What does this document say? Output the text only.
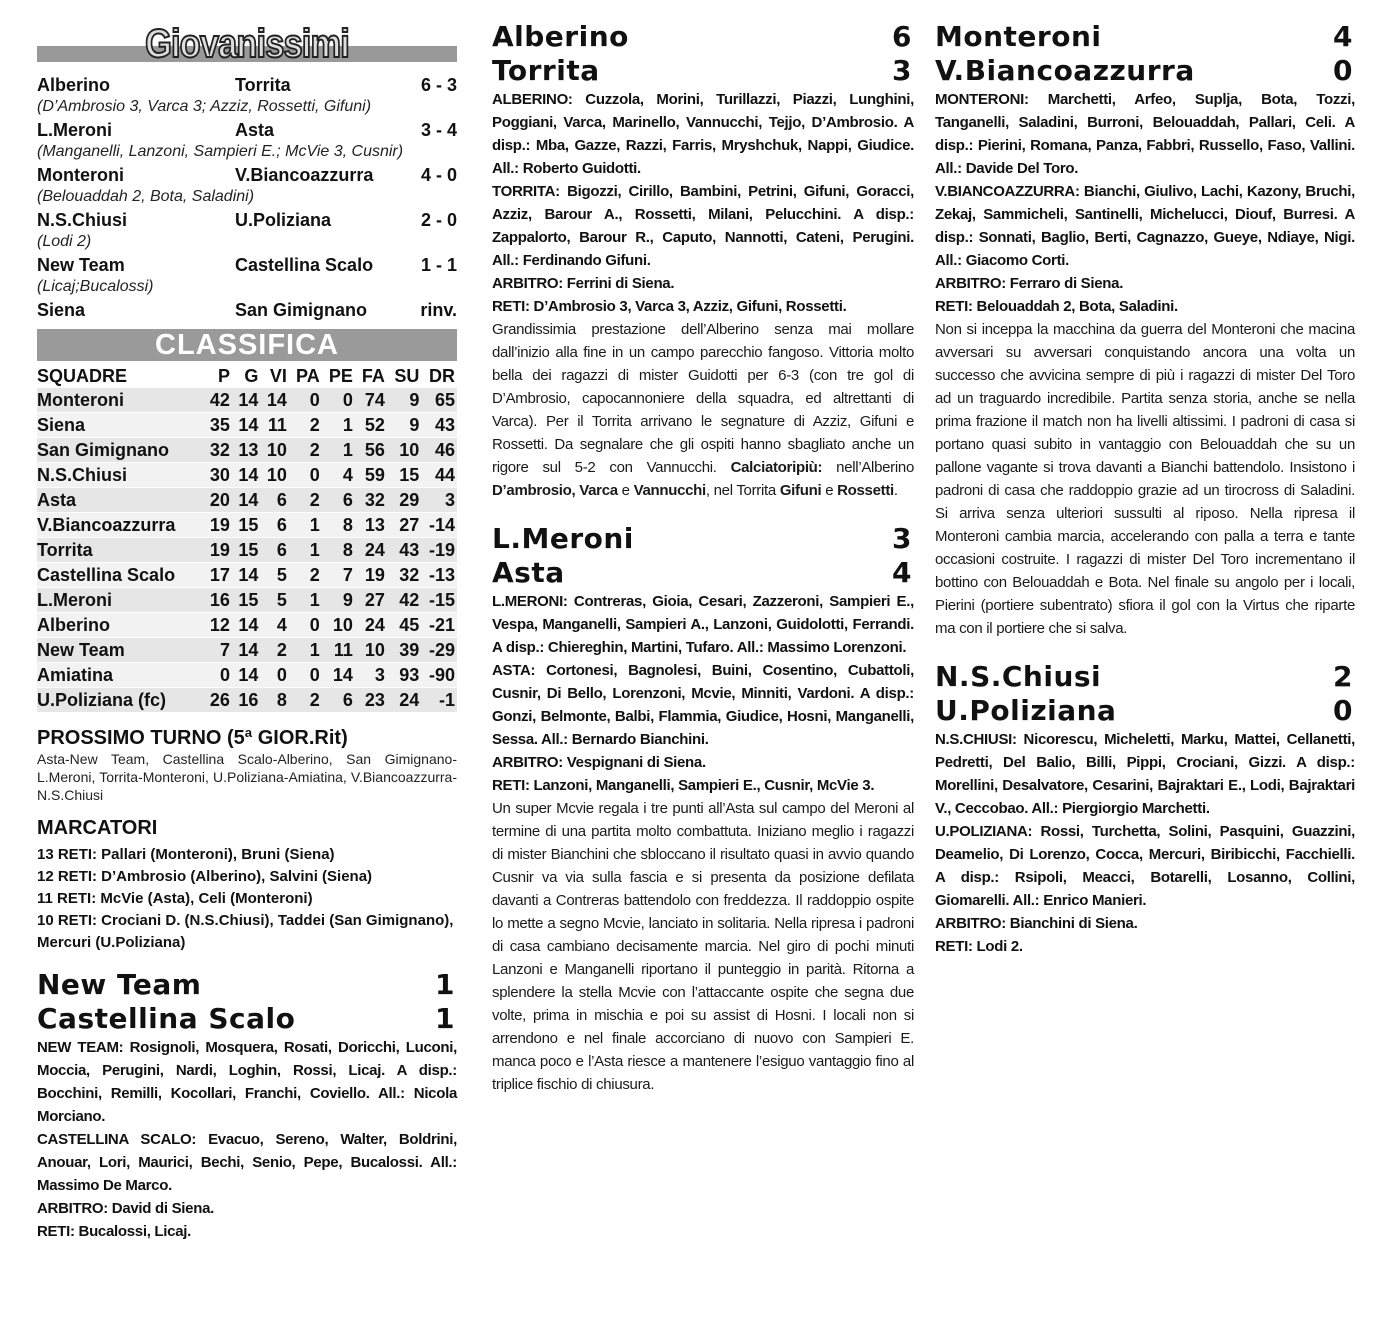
Giovanissimi
Alberino	Torrita	6 - 3
(D’Ambrosio 3, Varca 3; Azziz, Rossetti, Gifuni)
L.Meroni	Asta	3 - 4
(Manganelli, Lanzoni, Sampieri E.; McVie 3, Cusnir)
Monteroni	V.Biancoazzurra	4 - 0
(Belouaddah 2, Bota, Saladini)
N.S.Chiusi	U.Poliziana	2 - 0
(Lodi 2)
New Team	Castellina Scalo	1 - 1
(Licaj;Bucalossi)
Siena	San Gimignano	rinv.
CLASSIFICA
SQUADRE	P	G	VI	PA	PE	FA	SU	DR
Monteroni	42	14	14	0	0	74	9	65
Siena	35	14	11	2	1	52	9	43
San Gimignano	32	13	10	2	1	56	10	46
N.S.Chiusi	30	14	10	0	4	59	15	44
Asta	20	14	6	2	6	32	29	3
V.Biancoazzurra	19	15	6	1	8	13	27	-14
Torrita	19	15	6	1	8	24	43	-19
Castellina Scalo	17	14	5	2	7	19	32	-13
L.Meroni	16	15	5	1	9	27	42	-15
Alberino	12	14	4	0	10	24	45	-21
New Team	7	14	2	1	11	10	39	-29
Amiatina	0	14	0	0	14	3	93	-90
U.Poliziana (fc)	26	16	8	2	6	23	24	-1
PROSSIMO TURNO (5ª GIOR.Rit)
Asta-New Team, Castellina Scalo-Alberino, San Gimignano-L.Meroni, Torrita-Monteroni, U.Poliziana-Amiatina, V.Biancoazzurra-N.S.Chiusi
MARCATORI

13 RETI: Pallari (Monteroni), Bruni (Siena)

12 RETI: D’Ambrosio (Alberino), Salvini (Siena)

11 RETI: McVie (Asta), Celi (Monteroni)

10 RETI: Crociani D. (N.S.Chiusi), Taddei (San Gimignano), Mercuri (U.Poliziana)

New Team	1
Castellina Scalo	1
NEW TEAM: Rosignoli, Mosquera, Rosati, Doricchi, Luconi, Moccia, Perugini, Nardi, Loghin, Rossi, Licaj. A disp.: Bocchini, Remilli, Kocollari, Franchi, Coviello. All.: Nicola Morciano.
CASTELLINA SCALO: Evacuo, Sereno, Walter, Boldrini, Anouar, Lori, Maurici, Bechi, Senio, Pepe, Bucalossi. All.: Massimo De Marco.
ARBITRO: David di Siena.
RETI: Bucalossi, Licaj.
Alberino	6
Torrita	3
ALBERINO: Cuzzola, Morini, Turillazzi, Piazzi, Lunghini, Poggiani, Varca, Marinello, Vannucchi, Tejjo, D’Ambrosio. A disp.: Mba, Gazze, Razzi, Farris, Mryshchuk, Nappi, Giudice. All.: Roberto Guidotti.
TORRITA: Bigozzi, Cirillo, Bambini, Petrini, Gifuni, Goracci, Azziz, Barour A., Rossetti, Milani, Pelucchini. A disp.: Zappalorto, Barour R., Caputo, Nannotti, Cateni, Perugini. All.: Ferdinando Gifuni.
ARBITRO: Ferrini di Siena.
RETI: D’Ambrosio 3, Varca 3, Azziz, Gifuni, Rossetti.
Grandissimia prestazione dell’Alberino senza mai mollare dall’inizio alla fine in un campo parecchio fangoso. Vittoria molto bella dei ragazzi di mister Guidotti per 6-3 (con tre gol di D’Ambrosio, capocannoniere della squadra, ed altrettanti di Varca). Per il Torrita arrivano le segnature di Azziz, Gifuni e Rossetti. Da segnalare che gli ospiti hanno sbagliato anche un rigore sul 5-2 con Vannucchi. Calciatoripiù: nell’Alberino D’ambrosio, Varca e Vannucchi, nel Torrita Gifuni e Rossetti.
L.Meroni	3
Asta	4
L.MERONI: Contreras, Gioia, Cesari, Zazzeroni, Sampieri E., Vespa, Manganelli, Sampieri A., Lanzoni, Guidolotti, Ferrandi. A disp.: Chiereghin, Martini, Tufaro. All.: Massimo Lorenzoni.
ASTA: Cortonesi, Bagnolesi, Buini, Cosentino, Cubattoli, Cusnir, Di Bello, Lorenzoni, Mcvie, Minniti, Vardoni. A disp.: Gonzi, Belmonte, Balbi, Flammia, Giudice, Hosni, Manganelli, Sessa. All.: Bernardo Bianchini.
ARBITRO: Vespignani di Siena.
RETI: Lanzoni, Manganelli, Sampieri E., Cusnir, McVie 3.
Un super Mcvie regala i tre punti all’Asta sul campo del Meroni al termine di una partita molto combattuta. Iniziano meglio i ragazzi di mister Bianchini che sbloccano il risultato quasi in avvio quando Cusnir va via sulla fascia e si presenta da posizione defilata davanti a Contreras battendolo con freddezza. Il raddoppio ospite lo mette a segno Mcvie, lanciato in solitaria. Nella ripresa i padroni di casa cambiano decisamente marcia. Nel giro di pochi minuti Lanzoni e Manganelli riportano il punteggio in parità. Ritorna a splendere la stella Mcvie con l’attaccante ospite che segna due volte, prima in mischia e poi su assist di Hosni. I locali non si arrendono e nel finale accorciano di nuovo con Sampieri E. manca poco e l’Asta riesce a mantenere l’esiguo vantaggio fino al triplice fischio di chiusura.
Monteroni	4
V.Biancoazzurra	0
MONTERONI: Marchetti, Arfeo, Suplja, Bota, Tozzi, Tanganelli, Saladini, Burroni, Belouaddah, Pallari, Celi. A disp.: Pierini, Romana, Panza, Fabbri, Russello, Faso, Vallini. All.: Davide Del Toro.
V.BIANCOAZZURRA: Bianchi, Giulivo, Lachi, Kazony, Bruchi, Zekaj, Sammicheli, Santinelli, Michelucci, Diouf, Burresi. A disp.: Sonnati, Baglio, Berti, Cagnazzo, Gueye, Ndiaye, Nigi. All.: Giacomo Corti.
ARBITRO: Ferraro di Siena.
RETI: Belouaddah 2, Bota, Saladini.
Non si inceppa la macchina da guerra del Monteroni che macina avversari su avversari conquistando ancora una volta un successo che avvicina sempre di più i ragazzi di mister Del Toro ad un traguardo incredibile. Partita senza storia, anche se nella prima frazione il match non ha livelli altissimi. I padroni di casa si portano quasi subito in vantaggio con Belouaddah che su un pallone vagante si trova davanti a Bianchi battendolo. Insistono i padroni di casa che raddoppio grazie ad un tirocross di Saladini. Si arriva senza ulteriori sussulti al riposo. Nella ripresa il Monteroni cambia marcia, accelerando con palla a terra e tante occasioni costruite. I ragazzi di mister Del Toro incrementano il bottino con Belouaddah e Bota. Nel finale su angolo per i locali, Pierini (portiere subentrato) sfiora il gol con la Virtus che riparte ma con il portiere che si salva.
N.S.Chiusi	2
U.Poliziana	0
N.S.CHIUSI: Nicorescu, Micheletti, Marku, Mattei, Cellanetti, Pedretti, Del Balio, Billi, Pippi, Crociani, Gizzi. A disp.: Morellini, Desalvatore, Cesarini, Bajraktari E., Lodi, Bajraktari V., Ceccobao. All.: Piergiorgio Marchetti.
U.POLIZIANA: Rossi, Turchetta, Solini, Pasquini, Guazzini, Deamelio, Di Lorenzo, Cocca, Mercuri, Biribicchi, Facchielli. A disp.: Rsipoli, Meacci, Botarelli, Losanno, Collini, Giomarelli. All.: Enrico Manieri.
ARBITRO: Bianchini di Siena.
RETI: Lodi 2.
